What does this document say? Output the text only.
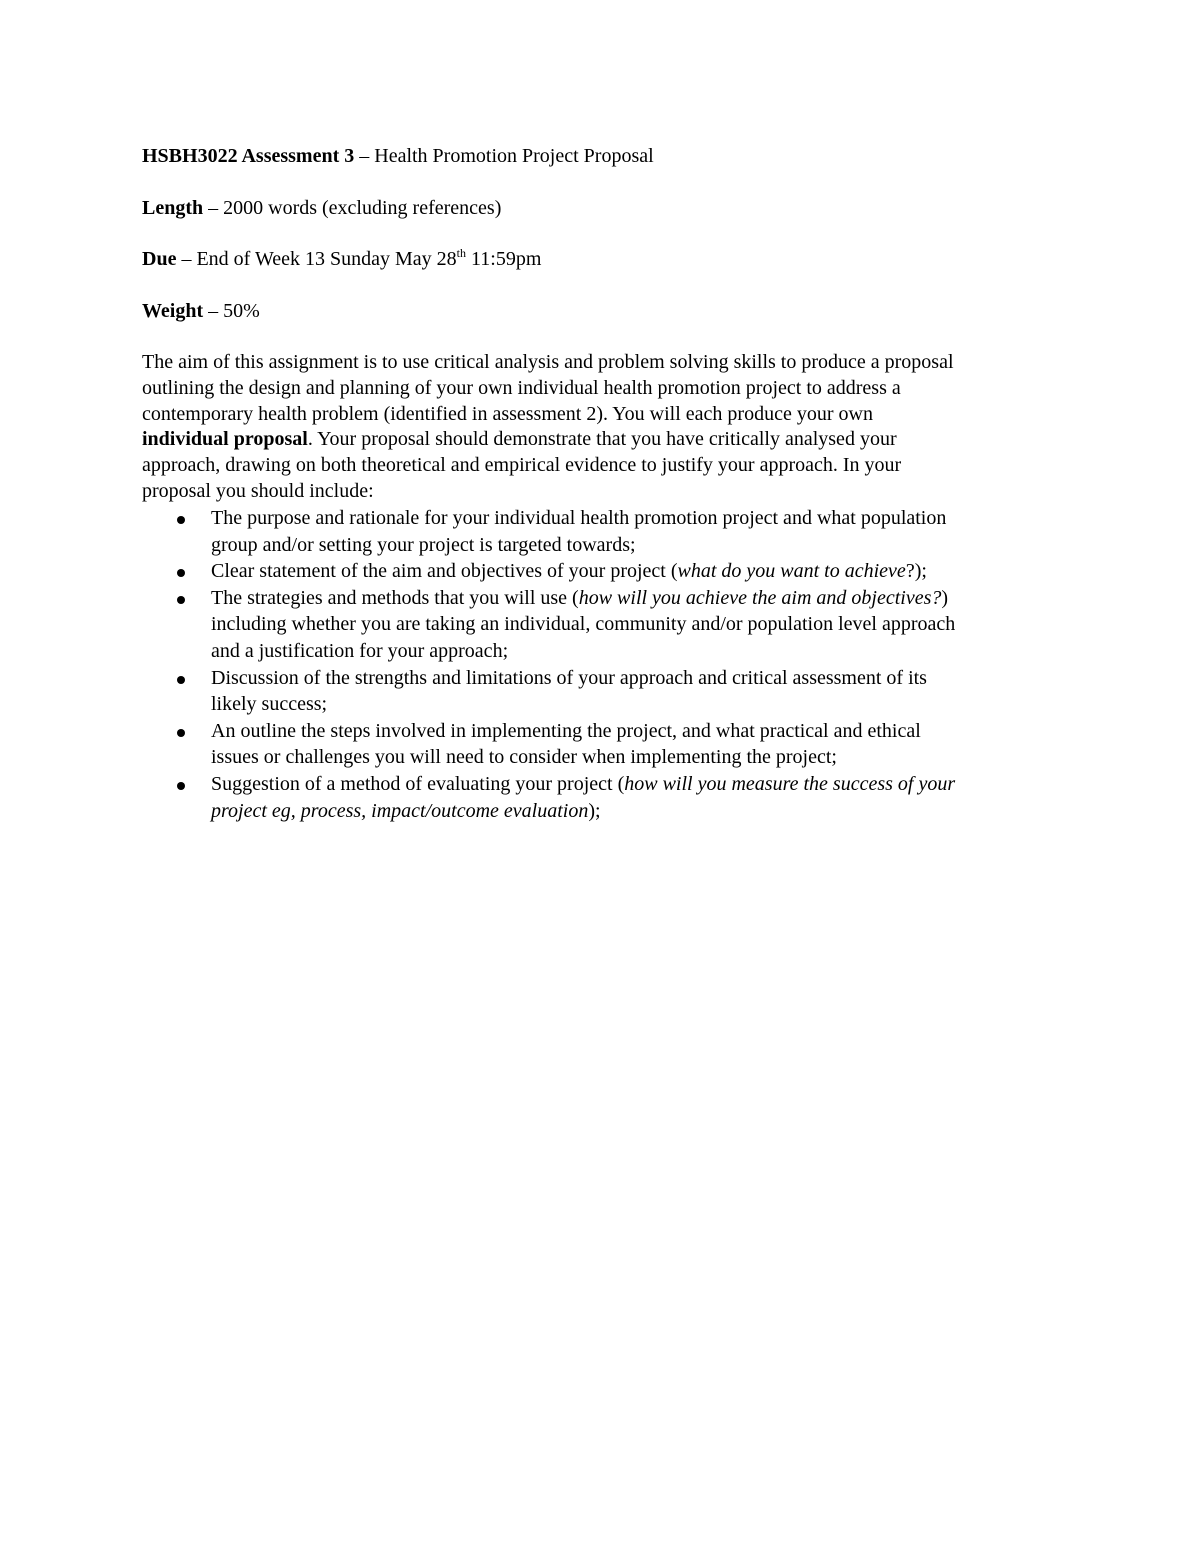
HSBH3022 Assessment 3 – Health Promotion Project Proposal

Length – 2000 words (excluding references)

Due – End of Week 13 Sunday May 28th 11:59pm

Weight – 50%

The aim of this assignment is to use critical analysis and problem solving skills to produce a proposal
outlining the design and planning of your own individual health promotion project to address a
contemporary health problem (identified in assessment 2). You will each produce your own
individual proposal. Your proposal should demonstrate that you have critically analysed your
approach, drawing on both theoretical and empirical evidence to justify your approach. In your
proposal you should include:

The purpose and rationale for your individual health promotion project and what population
group and/or setting your project is targeted towards;
Clear statement of the aim and objectives of your project (what do you want to achieve?);
The strategies and methods that you will use (how will you achieve the aim and objectives?)
including whether you are taking an individual, community and/or population level approach
and a justification for your approach;
Discussion of the strengths and limitations of your approach and critical assessment of its
likely success;
An outline the steps involved in implementing the project, and what practical and ethical
issues or challenges you will need to consider when implementing the project;
Suggestion of a method of evaluating your project (how will you measure the success of your
project eg, process, impact/outcome evaluation);
